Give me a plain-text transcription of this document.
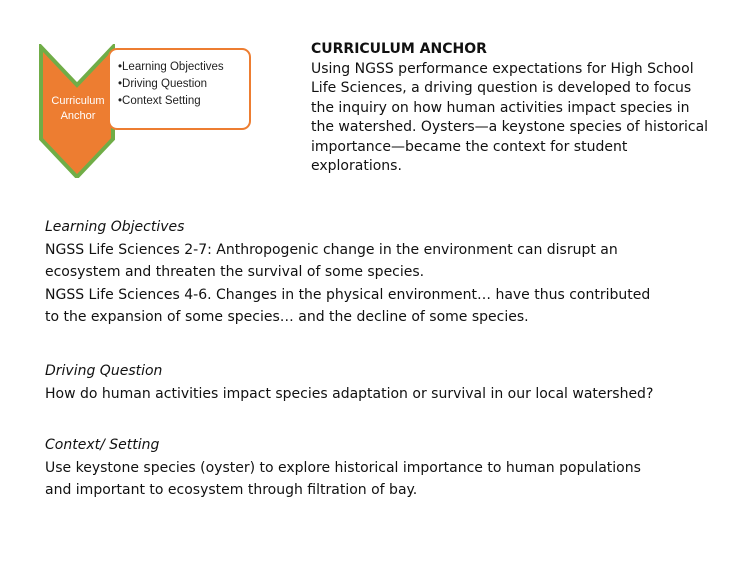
•Learning Objectives
•Driving Question
•Context Setting
Curriculum
Anchor
CURRICULUM ANCHOR
Using NGSS performance expectations for High School
Life Sciences, a driving question is developed to focus
the inquiry on how human activities impact species in
the watershed. Oysters—a keystone species of historical
importance—became the context for student
explorations.
Learning Objectives
NGSS Life Sciences 2-7: Anthropogenic change in the environment can disrupt an
ecosystem and threaten the survival of some species.
NGSS Life Sciences 4-6. Changes in the physical environment… have thus contributed
to the expansion of some species… and the decline of some species.
Driving Question
How do human activities impact species adaptation or survival in our local watershed?
Context/ Setting
Use keystone species (oyster) to explore historical importance to human populations
and important to ecosystem through filtration of bay.
